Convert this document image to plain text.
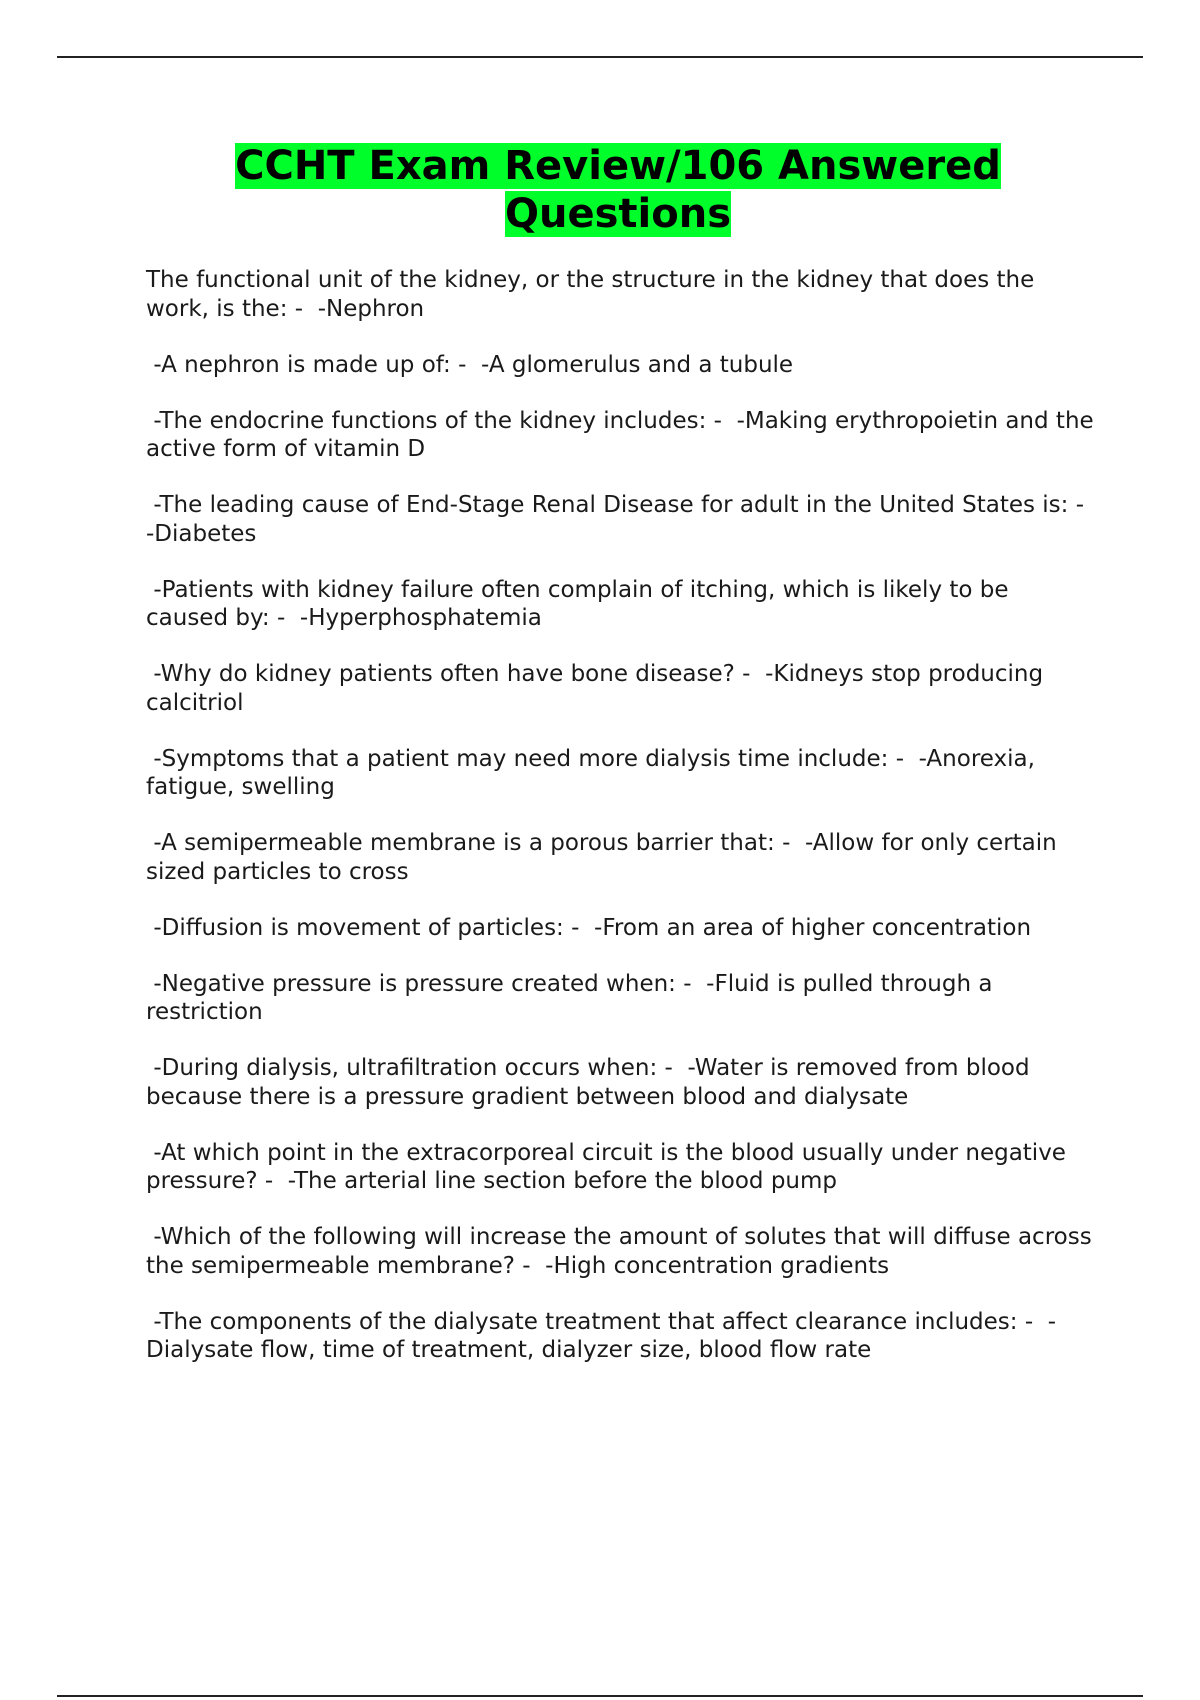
CCHT Exam Review/106 Answered
Questions
The functional unit of the kidney, or the structure in the kidney that does the work, is the: -  -Nephron
-A nephron is made up of: -  -A glomerulus and a tubule
-The endocrine functions of the kidney includes: -  -Making erythropoietin and the active form of vitamin D
-The leading cause of End-Stage Renal Disease for adult in the United States is: -  -Diabetes
-Patients with kidney failure often complain of itching, which is likely to be caused by: -  -Hyperphosphatemia
-Why do kidney patients often have bone disease? -  -Kidneys stop producing calcitriol
-Symptoms that a patient may need more dialysis time include: -  -Anorexia, fatigue, swelling
-A semipermeable membrane is a porous barrier that: -  -Allow for only certain sized particles to cross
-Diffusion is movement of particles: -  -From an area of higher concentration
-Negative pressure is pressure created when: -  -Fluid is pulled through a restriction
-During dialysis, ultrafiltration occurs when: -  -Water is removed from blood because there is a pressure gradient between blood and dialysate
-At which point in the extracorporeal circuit is the blood usually under negative pressure? -  -The arterial line section before the blood pump
-Which of the following will increase the amount of solutes that will diffuse across the semipermeable membrane? -  -High concentration gradients
-The components of the dialysate treatment that affect clearance includes: -  -Dialysate flow, time of treatment, dialyzer size, blood flow rate
